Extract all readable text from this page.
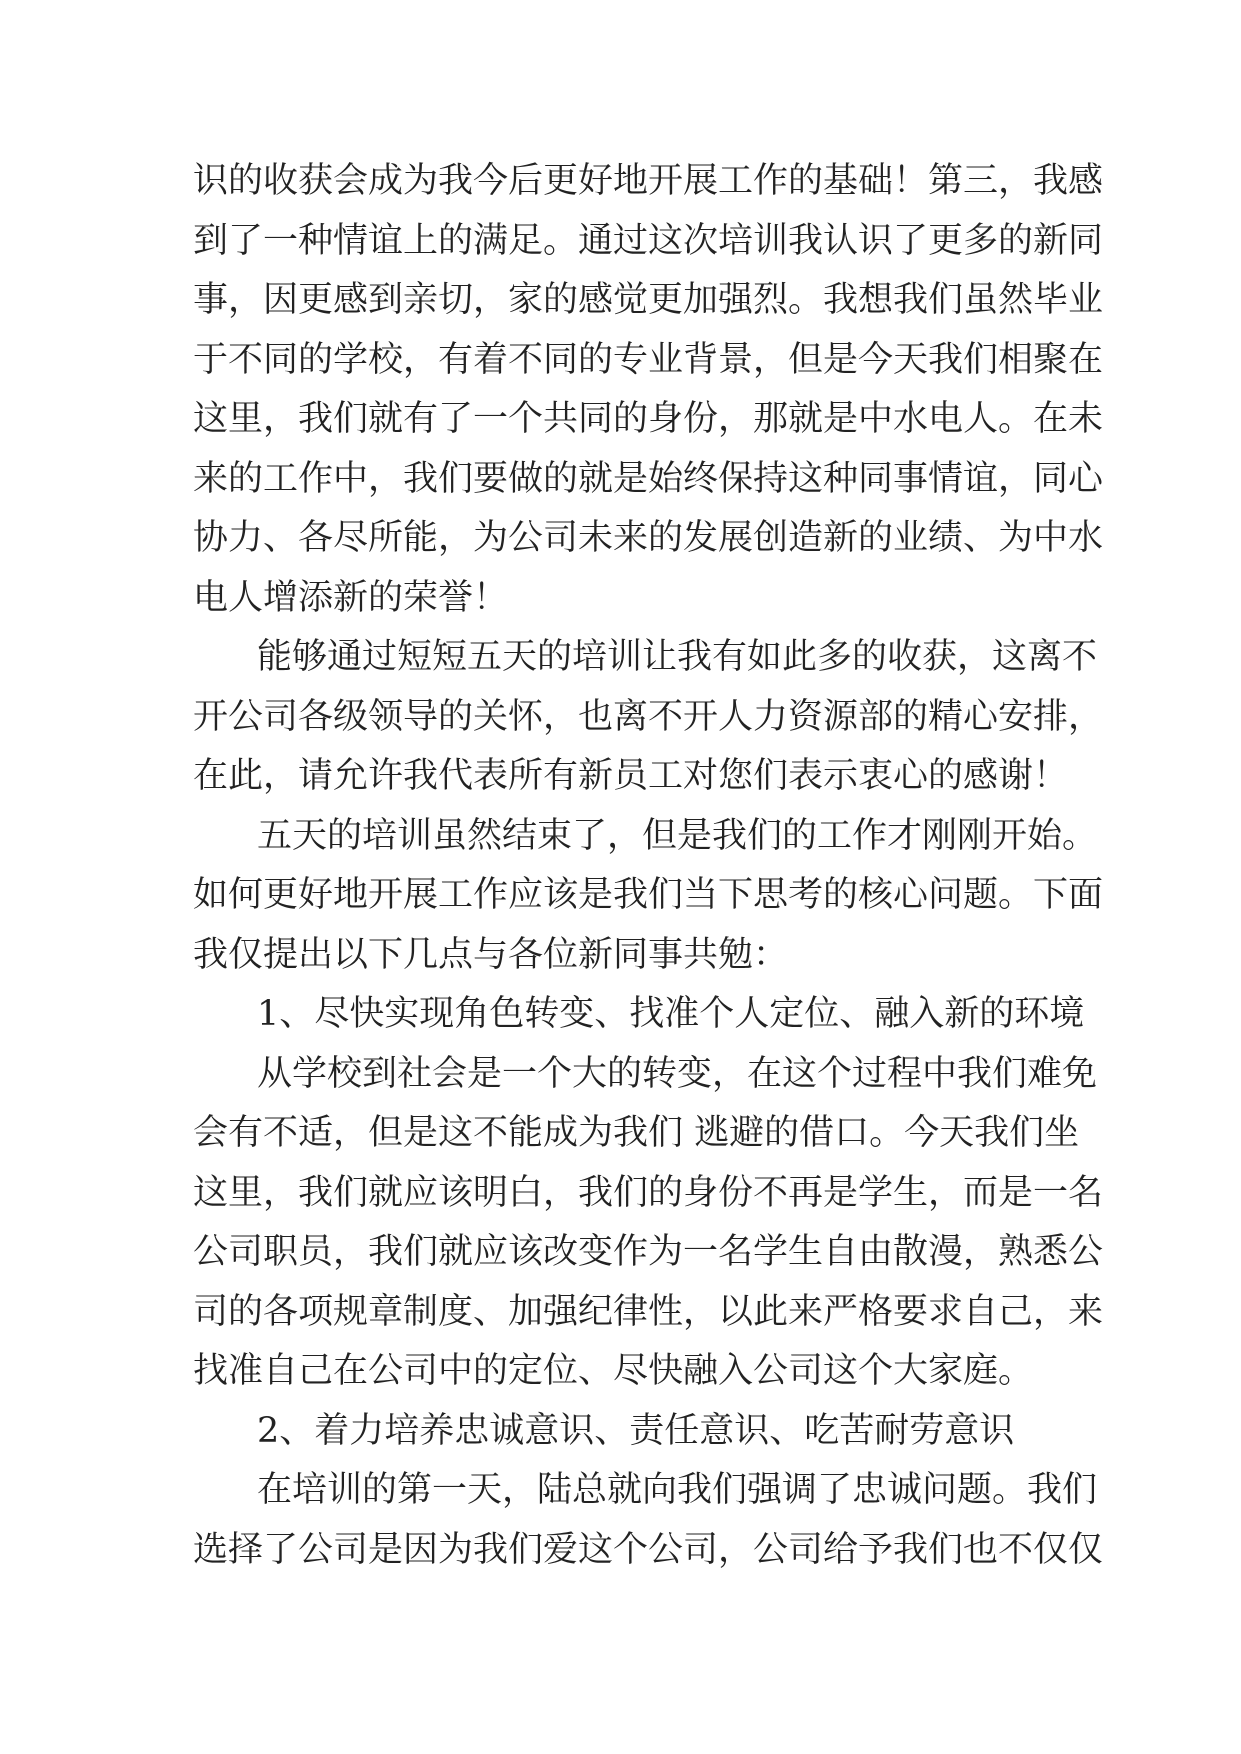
识的收获会成为我今后更好地开展工作的基础！第三，我感
到了一种情谊上的满足。通过这次培训我认识了更多的新同
事，因更感到亲切，家的感觉更加强烈。我想我们虽然毕业
于不同的学校，有着不同的专业背景，但是今天我们相聚在
这里，我们就有了一个共同的身份，那就是中水电人。在未
来的工作中，我们要做的就是始终保持这种同事情谊，同心
协力、各尽所能，为公司未来的发展创造新的业绩、为中水
电人增添新的荣誉！
能够通过短短五天的培训让我有如此多的收获，这离不
开公司各级领导的关怀，也离不开人力资源部的精心安排，
在此，请允许我代表所有新员工对您们表示衷心的感谢！
五天的培训虽然结束了，但是我们的工作才刚刚开始。
如何更好地开展工作应该是我们当下思考的核心问题。下面
我仅提出以下几点与各位新同事共勉：
1、尽快实现角色转变、找准个人定位、融入新的环境
从学校到社会是一个大的转变，在这个过程中我们难免
会有不适，但是这不能成为我们 逃避的借口。今天我们坐
这里，我们就应该明白，我们的身份不再是学生，而是一名
公司职员，我们就应该改变作为一名学生自由散漫，熟悉公
司的各项规章制度、加强纪律性，以此来严格要求自己，来
找准自己在公司中的定位、尽快融入公司这个大家庭。
2、着力培养忠诚意识、责任意识、吃苦耐劳意识
在培训的第一天，陆总就向我们强调了忠诚问题。我们
选择了公司是因为我们爱这个公司，公司给予我们也不仅仅
